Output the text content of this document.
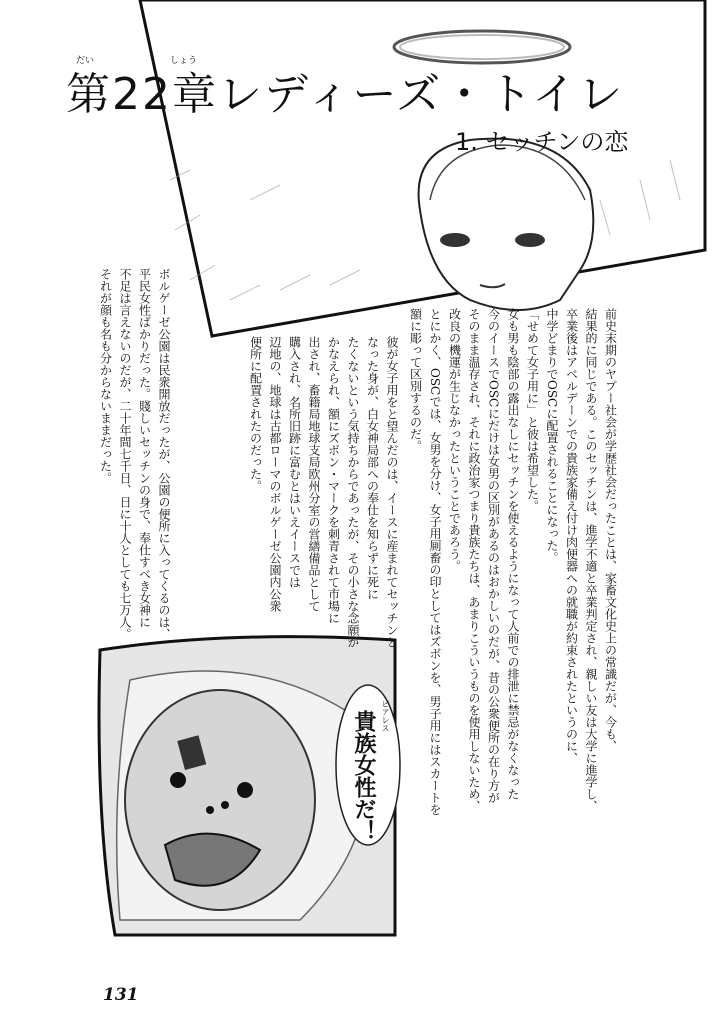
第22章レディーズ・トイレ
だい	しょう
1. セッチンの恋

前史末期のヤプー社会が学歴社会だったことは、家畜文化史上の常識だが、今も、

結果的に同じである。このセッチンは、進学不適と卒業判定され、親しい友は大学に進学し、

卒業後はアベルデーンでの貴族家備え付け肉便器への就職が約束されたというのに、

中学どまりでOSCに配置されることになった。

「せめて女子用に」と彼は希望した。

女も男も陰部の露出なしにセッチンを使えるようになって人前での排泄に禁忌がなくなった

今のイースでOSCにだけは女男の区別があるのはおかしいのだが、昔の公衆便所の在り方が

そのまま温存され、それに政治家つまり貴族たちは、あまりこういうものを使用しないため、

改良の機運が生じなかったということであろう。

とにかく、OSCでは、女男を分け、女子用厠畜の印としてはズボンを、男子用にはスカートを

額に彫って区別するのだ。

彼が女子用をと望んだのは、イースに産まれてセッチンと

なった身が、白女神局部への奉仕を知らずに死に

たくないという気持ちからであったが、その小さな念願が

かなえられ、額にズボン・マークを刺青されて市場に

出され、畜籍局地球支局欧州分室の営繕備品として

購入され、名所旧跡に富むとはいえイースでは

辺地の、地球は古都ローマのボルゲーゼ公園内公衆

便所に配置されたのだった。

ボルゲーゼ公園は民衆開放だったが、公園の便所に入ってくるのは、

平民女性ばかりだった。賤しいセッチンの身で、奉仕すべき女神に

不足は言えないのだが、二十年間七千日、日に十人としても七万人。

それが顔も名も分からないままだった。

貴族女性だ！ ビアレス
131
